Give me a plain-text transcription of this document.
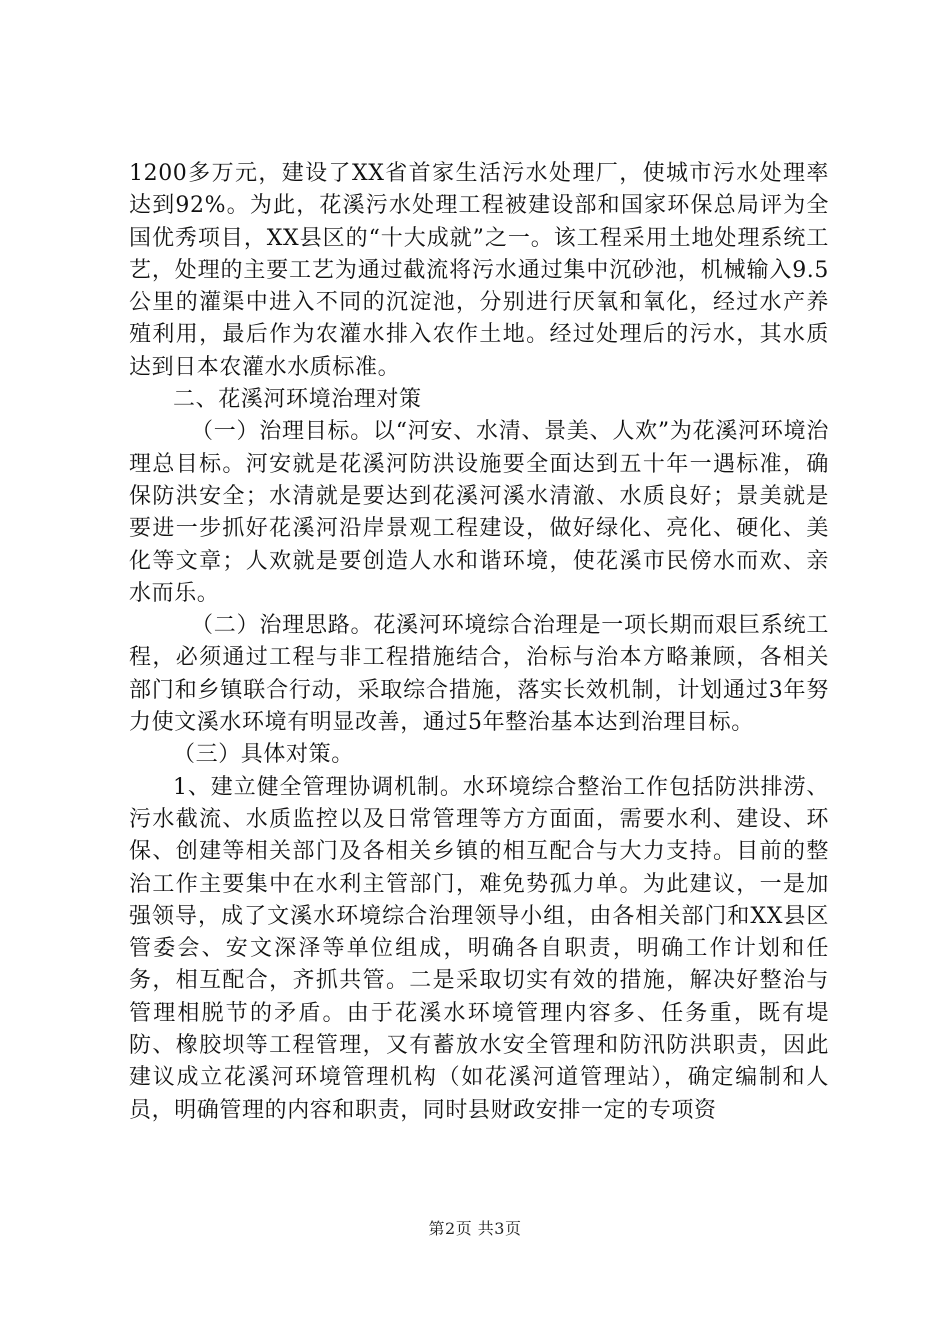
1200多万元，建设了XX省首家生活污水处理厂，使城市污水处理率达到92%。为此，花溪污水处理工程被建设部和国家环保总局评为全国优秀项目，XX县区的“十大成就”之一。该工程采用土地处理系统工艺，处理的主要工艺为通过截流将污水通过集中沉砂池，机械输入9.5公里的灌渠中进入不同的沉淀池，分别进行厌氧和氧化，经过水产养殖利用，最后作为农灌水排入农作土地。经过处理后的污水，其水质达到日本农灌水水质标准。

二、花溪河环境治理对策

（一）治理目标。以“河安、水清、景美、人欢”为花溪河环境治理总目标。河安就是花溪河防洪设施要全面达到五十年一遇标准，确保防洪安全；水清就是要达到花溪河溪水清澈、水质良好；景美就是要进一步抓好花溪河沿岸景观工程建设，做好绿化、亮化、硬化、美化等文章；人欢就是要创造人水和谐环境，使花溪市民傍水而欢、亲水而乐。

（二）治理思路。花溪河环境综合治理是一项长期而艰巨系统工程，必须通过工程与非工程措施结合，治标与治本方略兼顾，各相关部门和乡镇联合行动，采取综合措施，落实长效机制，计划通过3年努力使文溪水环境有明显改善，通过5年整治基本达到治理目标。

（三）具体对策。

1、建立健全管理协调机制。水环境综合整治工作包括防洪排涝、污水截流、水质监控以及日常管理等方方面面，需要水利、建设、环保、创建等相关部门及各相关乡镇的相互配合与大力支持。目前的整治工作主要集中在水利主管部门，难免势孤力单。为此建议，一是加强领导，成了文溪水环境综合治理领导小组，由各相关部门和XX县区管委会、安文深泽等单位组成，明确各自职责，明确工作计划和任务，相互配合，齐抓共管。二是采取切实有效的措施，解决好整治与管理相脱节的矛盾。由于花溪水环境管理内容多、任务重，既有堤防、橡胶坝等工程管理，又有蓄放水安全管理和防汛防洪职责，因此建议成立花溪河环境管理机构（如花溪河道管理站），确定编制和人员，明确管理的内容和职责，同时县财政安排一定的专项资

第2页 共3页
